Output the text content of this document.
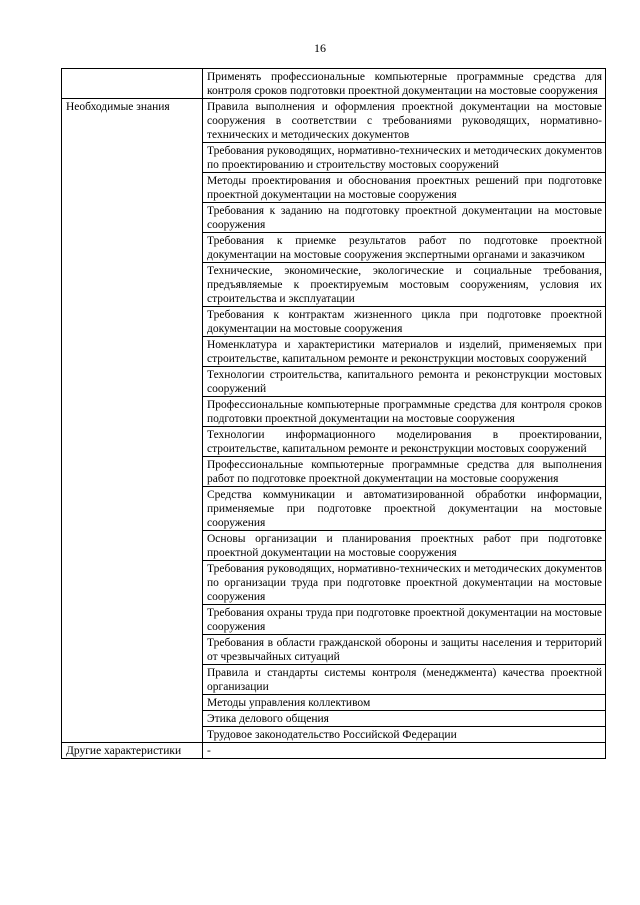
16
	Применять профессиональные компьютерные программные средства для контроля сроков подготовки проектной документации на мостовые сооружения
Необходимые знания	Правила выполнения и оформления проектной документации на мостовые сооружения в соответствии с требованиями руководящих, нормативно-технических и методических документов
	Требования руководящих, нормативно-технических и методических документов по проектированию и строительству мостовых сооружений
	Методы проектирования и обоснования проектных решений при подготовке проектной документации на мостовые сооружения
	Требования к заданию на подготовку проектной документации на мостовые сооружения
	Требования к приемке результатов работ по подготовке проектной документации на мостовые сооружения экспертными органами и заказчиком
	Технические, экономические, экологические и социальные требования, предъявляемые к проектируемым мостовым сооружениям, условия их строительства и эксплуатации
	Требования к контрактам жизненного цикла при подготовке проектной документации на мостовые сооружения
	Номенклатура и характеристики материалов и изделий, применяемых при строительстве, капитальном ремонте и реконструкции мостовых сооружений
	Технологии строительства, капитального ремонта и реконструкции мостовых сооружений
	Профессиональные компьютерные программные средства для контроля сроков подготовки проектной документации на мостовые сооружения
	Технологии информационного моделирования в проектировании, строительстве, капитальном ремонте и реконструкции мостовых сооружений
	Профессиональные компьютерные программные средства для выполнения работ по подготовке проектной документации на мостовые сооружения
	Средства коммуникации и автоматизированной обработки информации, применяемые при подготовке проектной документации на мостовые сооружения
	Основы организации и планирования проектных работ при подготовке проектной документации на мостовые сооружения
	Требования руководящих, нормативно-технических и методических документов по организации труда при подготовке проектной документации на мостовые сооружения
	Требования охраны труда при подготовке проектной документации на мостовые сооружения
	Требования в области гражданской обороны и защиты населения и территорий от чрезвычайных ситуаций
	Правила и стандарты системы контроля (менеджмента) качества проектной организации
	Методы управления коллективом
	Этика делового общения
	Трудовое законодательство Российской Федерации
Другие характеристики	-
